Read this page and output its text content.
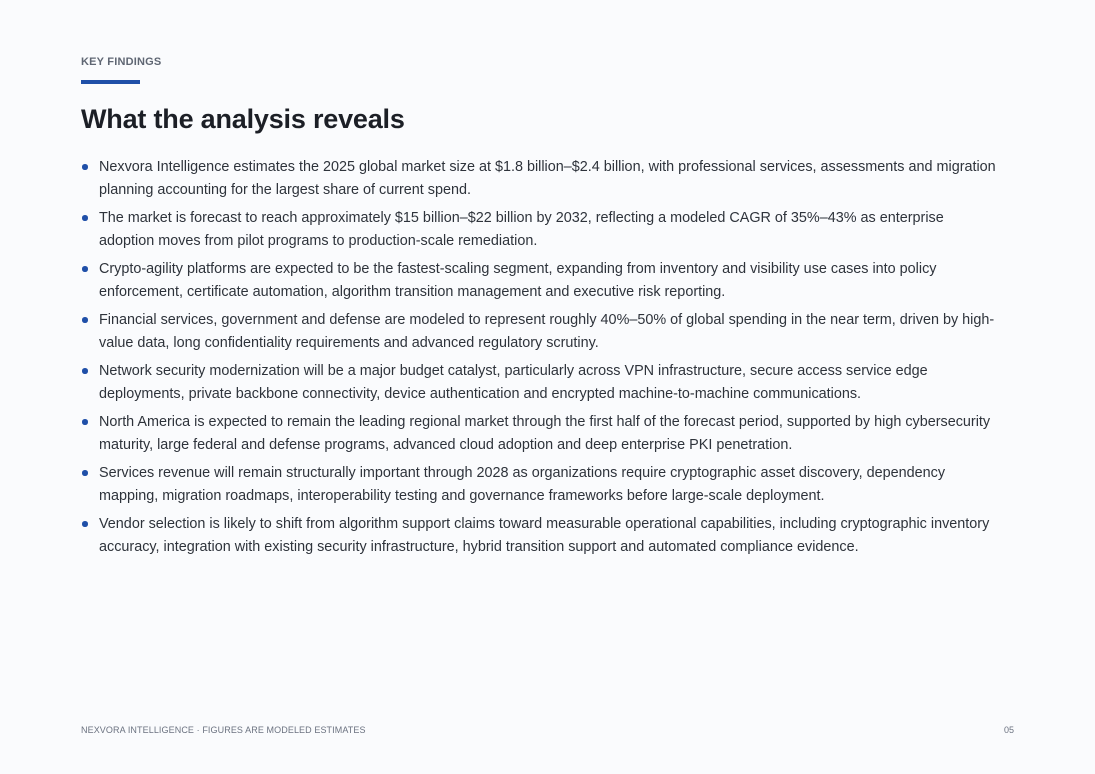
KEY FINDINGS
What the analysis reveals
Nexvora Intelligence estimates the 2025 global market size at $1.8 billion–$2.4 billion, with professional services, assessments and migration planning accounting for the largest share of current spend.
The market is forecast to reach approximately $15 billion–$22 billion by 2032, reflecting a modeled CAGR of 35%–43% as enterprise adoption moves from pilot programs to production-scale remediation.
Crypto-agility platforms are expected to be the fastest-scaling segment, expanding from inventory and visibility use cases into policy enforcement, certificate automation, algorithm transition management and executive risk reporting.
Financial services, government and defense are modeled to represent roughly 40%–50% of global spending in the near term, driven by high-value data, long confidentiality requirements and advanced regulatory scrutiny.
Network security modernization will be a major budget catalyst, particularly across VPN infrastructure, secure access service edge deployments, private backbone connectivity, device authentication and encrypted machine-to-machine communications.
North America is expected to remain the leading regional market through the first half of the forecast period, supported by high cybersecurity maturity, large federal and defense programs, advanced cloud adoption and deep enterprise PKI penetration.
Services revenue will remain structurally important through 2028 as organizations require cryptographic asset discovery, dependency mapping, migration roadmaps, interoperability testing and governance frameworks before large-scale deployment.
Vendor selection is likely to shift from algorithm support claims toward measurable operational capabilities, including cryptographic inventory accuracy, integration with existing security infrastructure, hybrid transition support and automated compliance evidence.
NEXVORA INTELLIGENCE · FIGURES ARE MODELED ESTIMATES	05
